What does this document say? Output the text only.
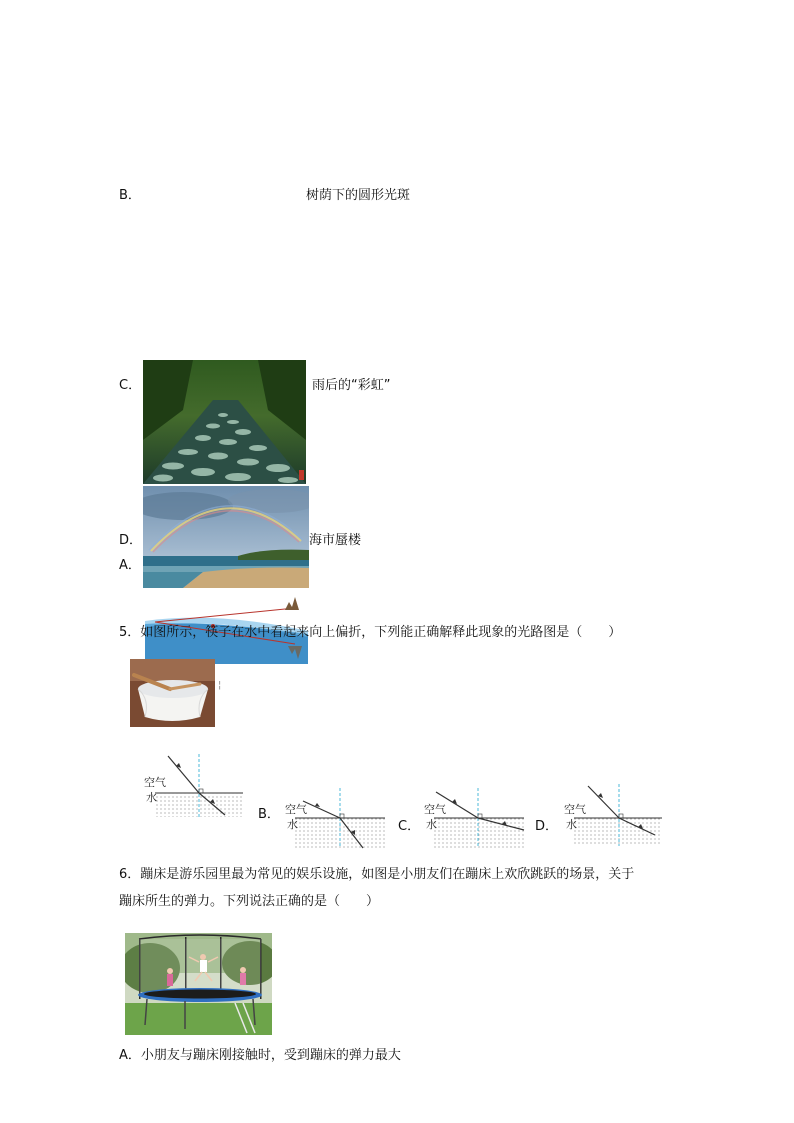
B．	树荫下的圆形光斑
C．	雨后的“彩虹”
D．	海市蜃楼
A．
5．如图所示，筷子在水中看起来向上偏折，下列能正确解释此现象的光路图是（　　）
¦
空气
水
B． 空气
水	C．
空气
水	D．
空气
水
6．蹦床是游乐园里最为常见的娱乐设施，如图是小朋友们在蹦床上欢欣跳跃的场景，关于
蹦床所生的弹力。下列说法正确的是（　　）
A．小朋友与蹦床刚接触时，受到蹦床的弹力最大
